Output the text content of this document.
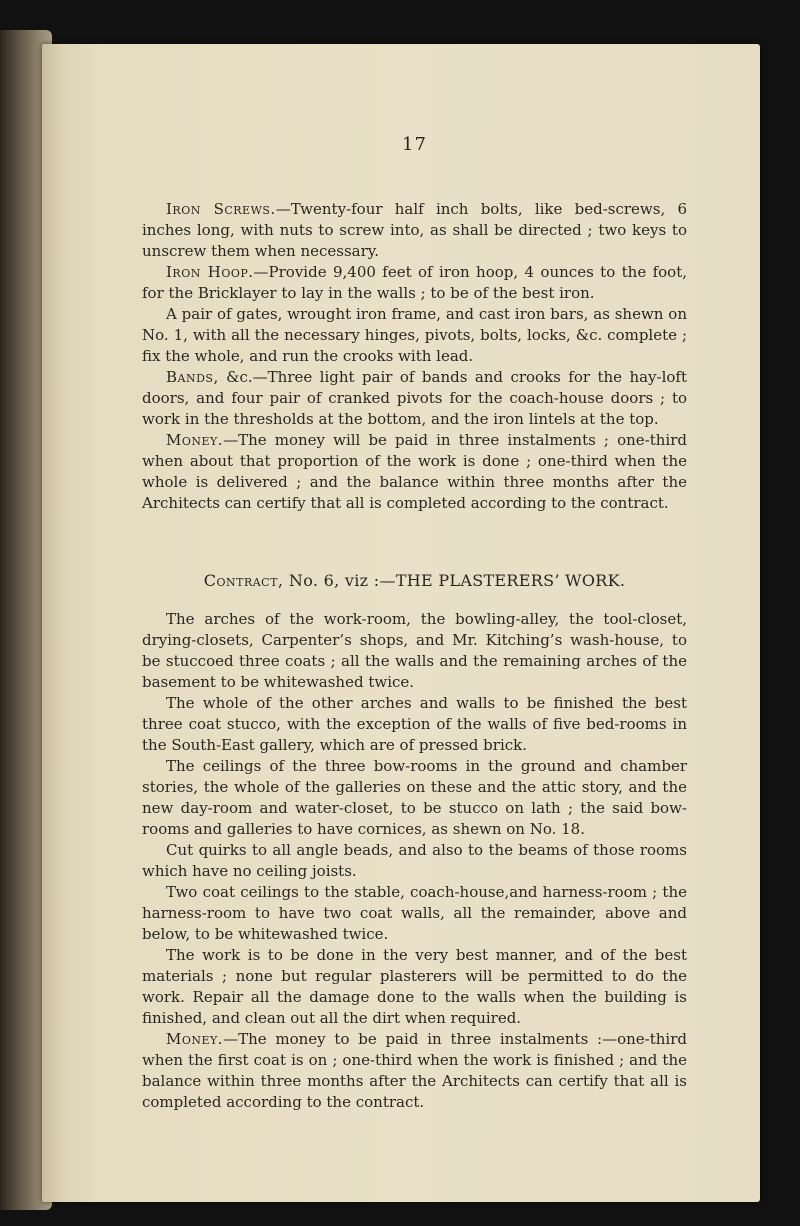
17

Iron Screws.—Twenty-four half inch bolts, like bed-screws, 6 inches long, with nuts to screw into, as shall be directed ; two keys to unscrew them when necessary.

Iron Hoop.—Provide 9,400 feet of iron hoop, 4 ounces to the foot, for the Bricklayer to lay in the walls ; to be of the best iron.

A pair of gates, wrought iron frame, and cast iron bars, as shewn on No. 1, with all the necessary hinges, pivots, bolts, locks, &c. complete ; fix the whole, and run the crooks with lead.

Bands, &c.—Three light pair of bands and crooks for the hay-loft doors, and four pair of cranked pivots for the coach-house doors ; to work in the thresholds at the bottom, and the iron lintels at the top.

Money.—The money will be paid in three instalments ; one-third when about that proportion of the work is done ; one-third when the whole is delivered ; and the balance within three months after the Architects can certify that all is completed according to the contract.

Contract, No. 6, viz :—THE PLASTERERS’ WORK.

The arches of the work-room, the bowling-alley, the tool-closet, drying-closets, Carpenter’s shops, and Mr. Kitching’s wash-house, to be stuccoed three coats ; all the walls and the remaining arches of the basement to be whitewashed twice.

The whole of the other arches and walls to be finished the best three coat stucco, with the exception of the walls of five bed-rooms in the South-East gallery, which are of pressed brick.

The ceilings of the three bow-rooms in the ground and chamber stories, the whole of the galleries on these and the attic story, and the new day-room and water-closet, to be stucco on lath ; the said bow-rooms and galleries to have cornices, as shewn on No. 18.

Cut quirks to all angle beads, and also to the beams of those rooms which have no ceiling joists.

Two coat ceilings to the stable, coach-house,and harness-room ; the harness-room to have two coat walls, all the remainder, above and below, to be whitewashed twice.

The work is to be done in the very best manner, and of the best materials ; none but regular plasterers will be permitted to do the work. Repair all the damage done to the walls when the building is finished, and clean out all the dirt when required.

Money.—The money to be paid in three instalments :—one-third when the first coat is on ; one-third when the work is finished ; and the balance within three months after the Architects can certify that all is completed according to the contract.
